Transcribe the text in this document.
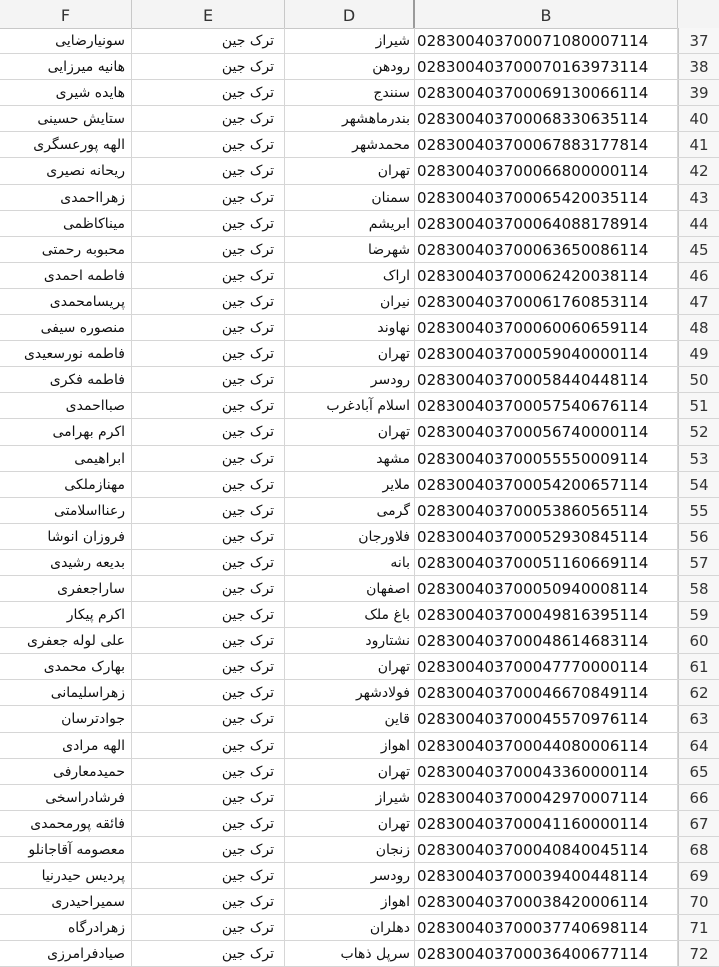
F	E	D	B
سونیارضایی	ترک جین	شیراز 02830040370007108000711​4	37
هانیه میرزایی	ترک جین	رودهن 02830040370007016397311​4	38
هایده شیری	ترک جین	سنندج 02830040370006913006611​4	39
ستایش حسینی	ترک جین	بندرماهشهر 02830040370006833063511​4	40
الهه پورعسگری	ترک جین	محمدشهر 02830040370006788317781​4	41
ریحانه نصیری	ترک جین	تهران 02830040370006680000011​4	42
زهرااحمدی	ترک جین	سمنان 02830040370006542003511​4	43
میناکاظمی	ترک جین	ابریشم 02830040370006408817891​4	44
محبوبه رحمتی	ترک جین	شهرضا 02830040370006365008611​4	45
فاطمه احمدی	ترک جین	اراک 02830040370006242003811​4	46
پریسامحمدی	ترک جین	نیران 02830040370006176085311​4	47
منصوره سیفی	ترک جین	نهاوند 02830040370006006065911​4	48
فاطمه نورسعیدی	ترک جین	تهران 02830040370005904000011​4	49
فاطمه فکری	ترک جین	رودسر 02830040370005844044811​4	50
صبااحمدی	ترک جین	اسلام آبادغرب 02830040370005754067611​4	51
اکرم بهرامی	ترک جین	تهران 02830040370005674000011​4	52
ابراهیمی	ترک جین	مشهد 02830040370005555000911​4	53
مهنازملکی	ترک جین	ملایر 02830040370005420065711​4	54
رعنااسلامتی	ترک جین	گرمی 02830040370005386056511​4	55
فروزان انوشا	ترک جین	فلاورجان 02830040370005293084511​4	56
بدیعه رشیدی	ترک جین	بانه 02830040370005116066911​4	57
ساراجعفری	ترک جین	اصفهان 02830040370005094000811​4	58
اکرم پیکار	ترک جین	باغ ملک 02830040370004981639511​4	59
علی لوله جعفری	ترک جین	نشتارود 02830040370004861468311​4	60
بهارک محمدی	ترک جین	تهران 02830040370004777000011​4	61
زهراسلیمانی	ترک جین	فولادشهر 02830040370004667084911​4	62
جوادترسان	ترک جین	قاین 02830040370004557097611​4	63
الهه مرادی	ترک جین	اهواز 02830040370004408000611​4	64
حمیدمعارفی	ترک جین	تهران 02830040370004336000011​4	65
فرشادراسخی	ترک جین	شیراز 02830040370004297000711​4	66
فائقه پورمحمدی	ترک جین	تهران 02830040370004116000011​4	67
معصومه آقاجانلو	ترک جین	زنجان 02830040370004084004511​4	68
پردیس حیدرنیا	ترک جین	رودسر 02830040370003940044811​4	69
سمیراحیدری	ترک جین	اهواز 02830040370003842000611​4	70
زهرادرگاه	ترک جین	دهلران 02830040370003774069811​4	71
صیادفرامرزی	ترک جین	سرپل ذهاب 02830040370003640067711​4	72
